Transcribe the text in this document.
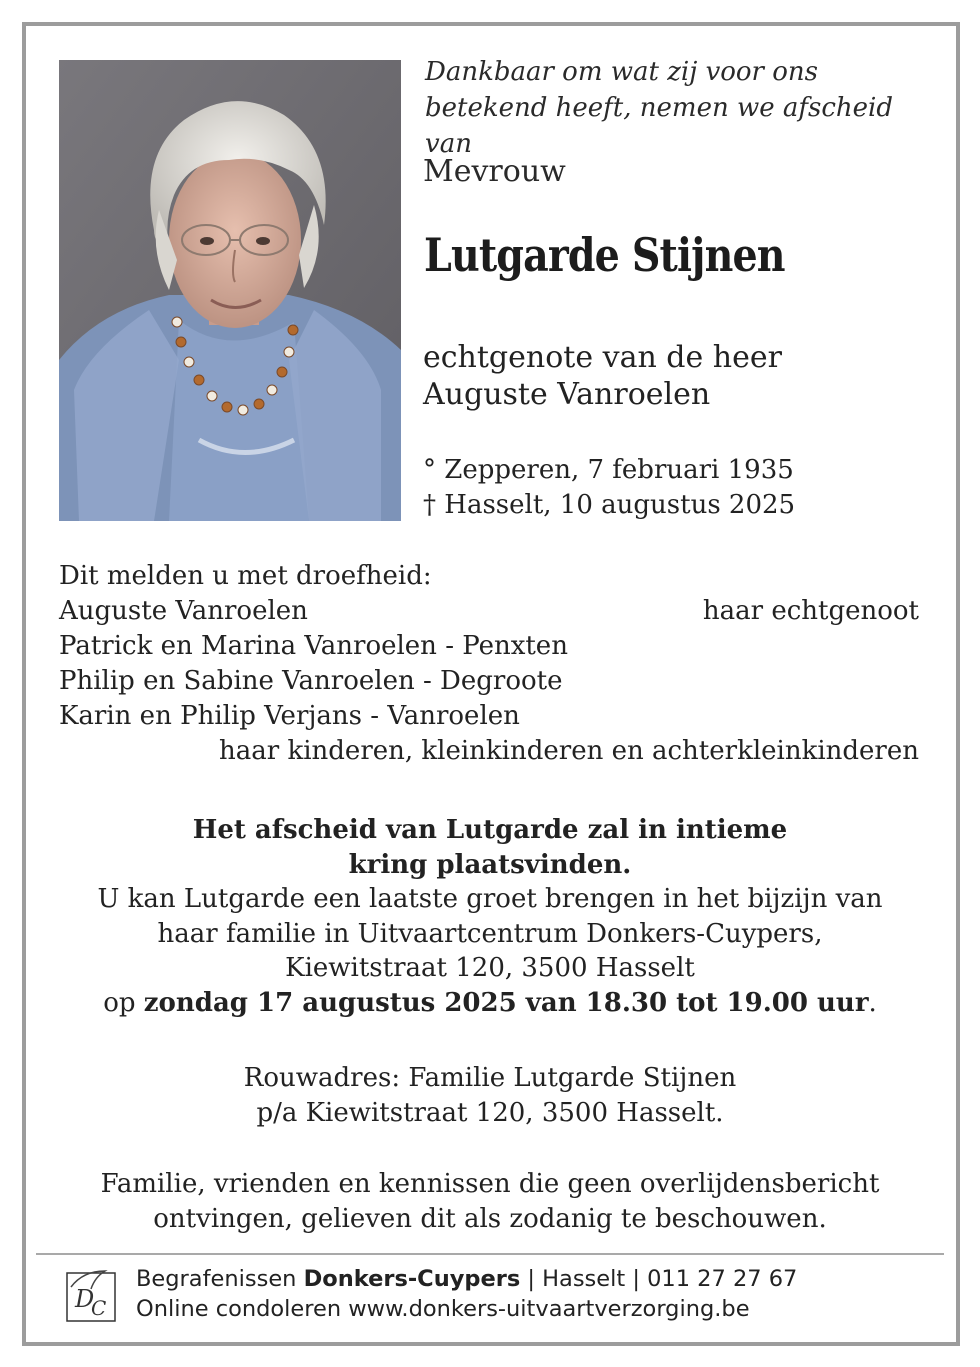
Dankbaar om wat zij voor ons
betekend heeft, nemen we afscheid van
Mevrouw
Lutgarde Stijnen
echtgenote van de heer
Auguste Vanroelen
° Zepperen, 7 februari 1935
† Hasselt, 10 augustus 2025
Dit melden u met droefheid:
Auguste Vanroelen	haar echtgenoot
Patrick en Marina Vanroelen - Penxten
Philip en Sabine Vanroelen - Degroote
Karin en Philip Verjans - Vanroelen
haar kinderen, kleinkinderen en achterkleinkinderen
Het afscheid van Lutgarde zal in intieme
kring plaatsvinden.
U kan Lutgarde een laatste groet brengen in het bijzijn van
haar familie in Uitvaartcentrum Donkers-Cuypers,
Kiewitstraat 120, 3500 Hasselt
op zondag 17 augustus 2025 van 18.30 tot 19.00 uur.
Rouwadres: Familie Lutgarde Stijnen
p/a Kiewitstraat 120, 3500 Hasselt.
Familie, vrienden en kennissen die geen overlijdensbericht
ontvingen, gelieven dit als zodanig te beschouwen.
D
C
Begrafenissen Donkers-Cuypers | Hasselt | 011 27 27 67
Online condoleren www.donkers-uitvaartverzorging.be
